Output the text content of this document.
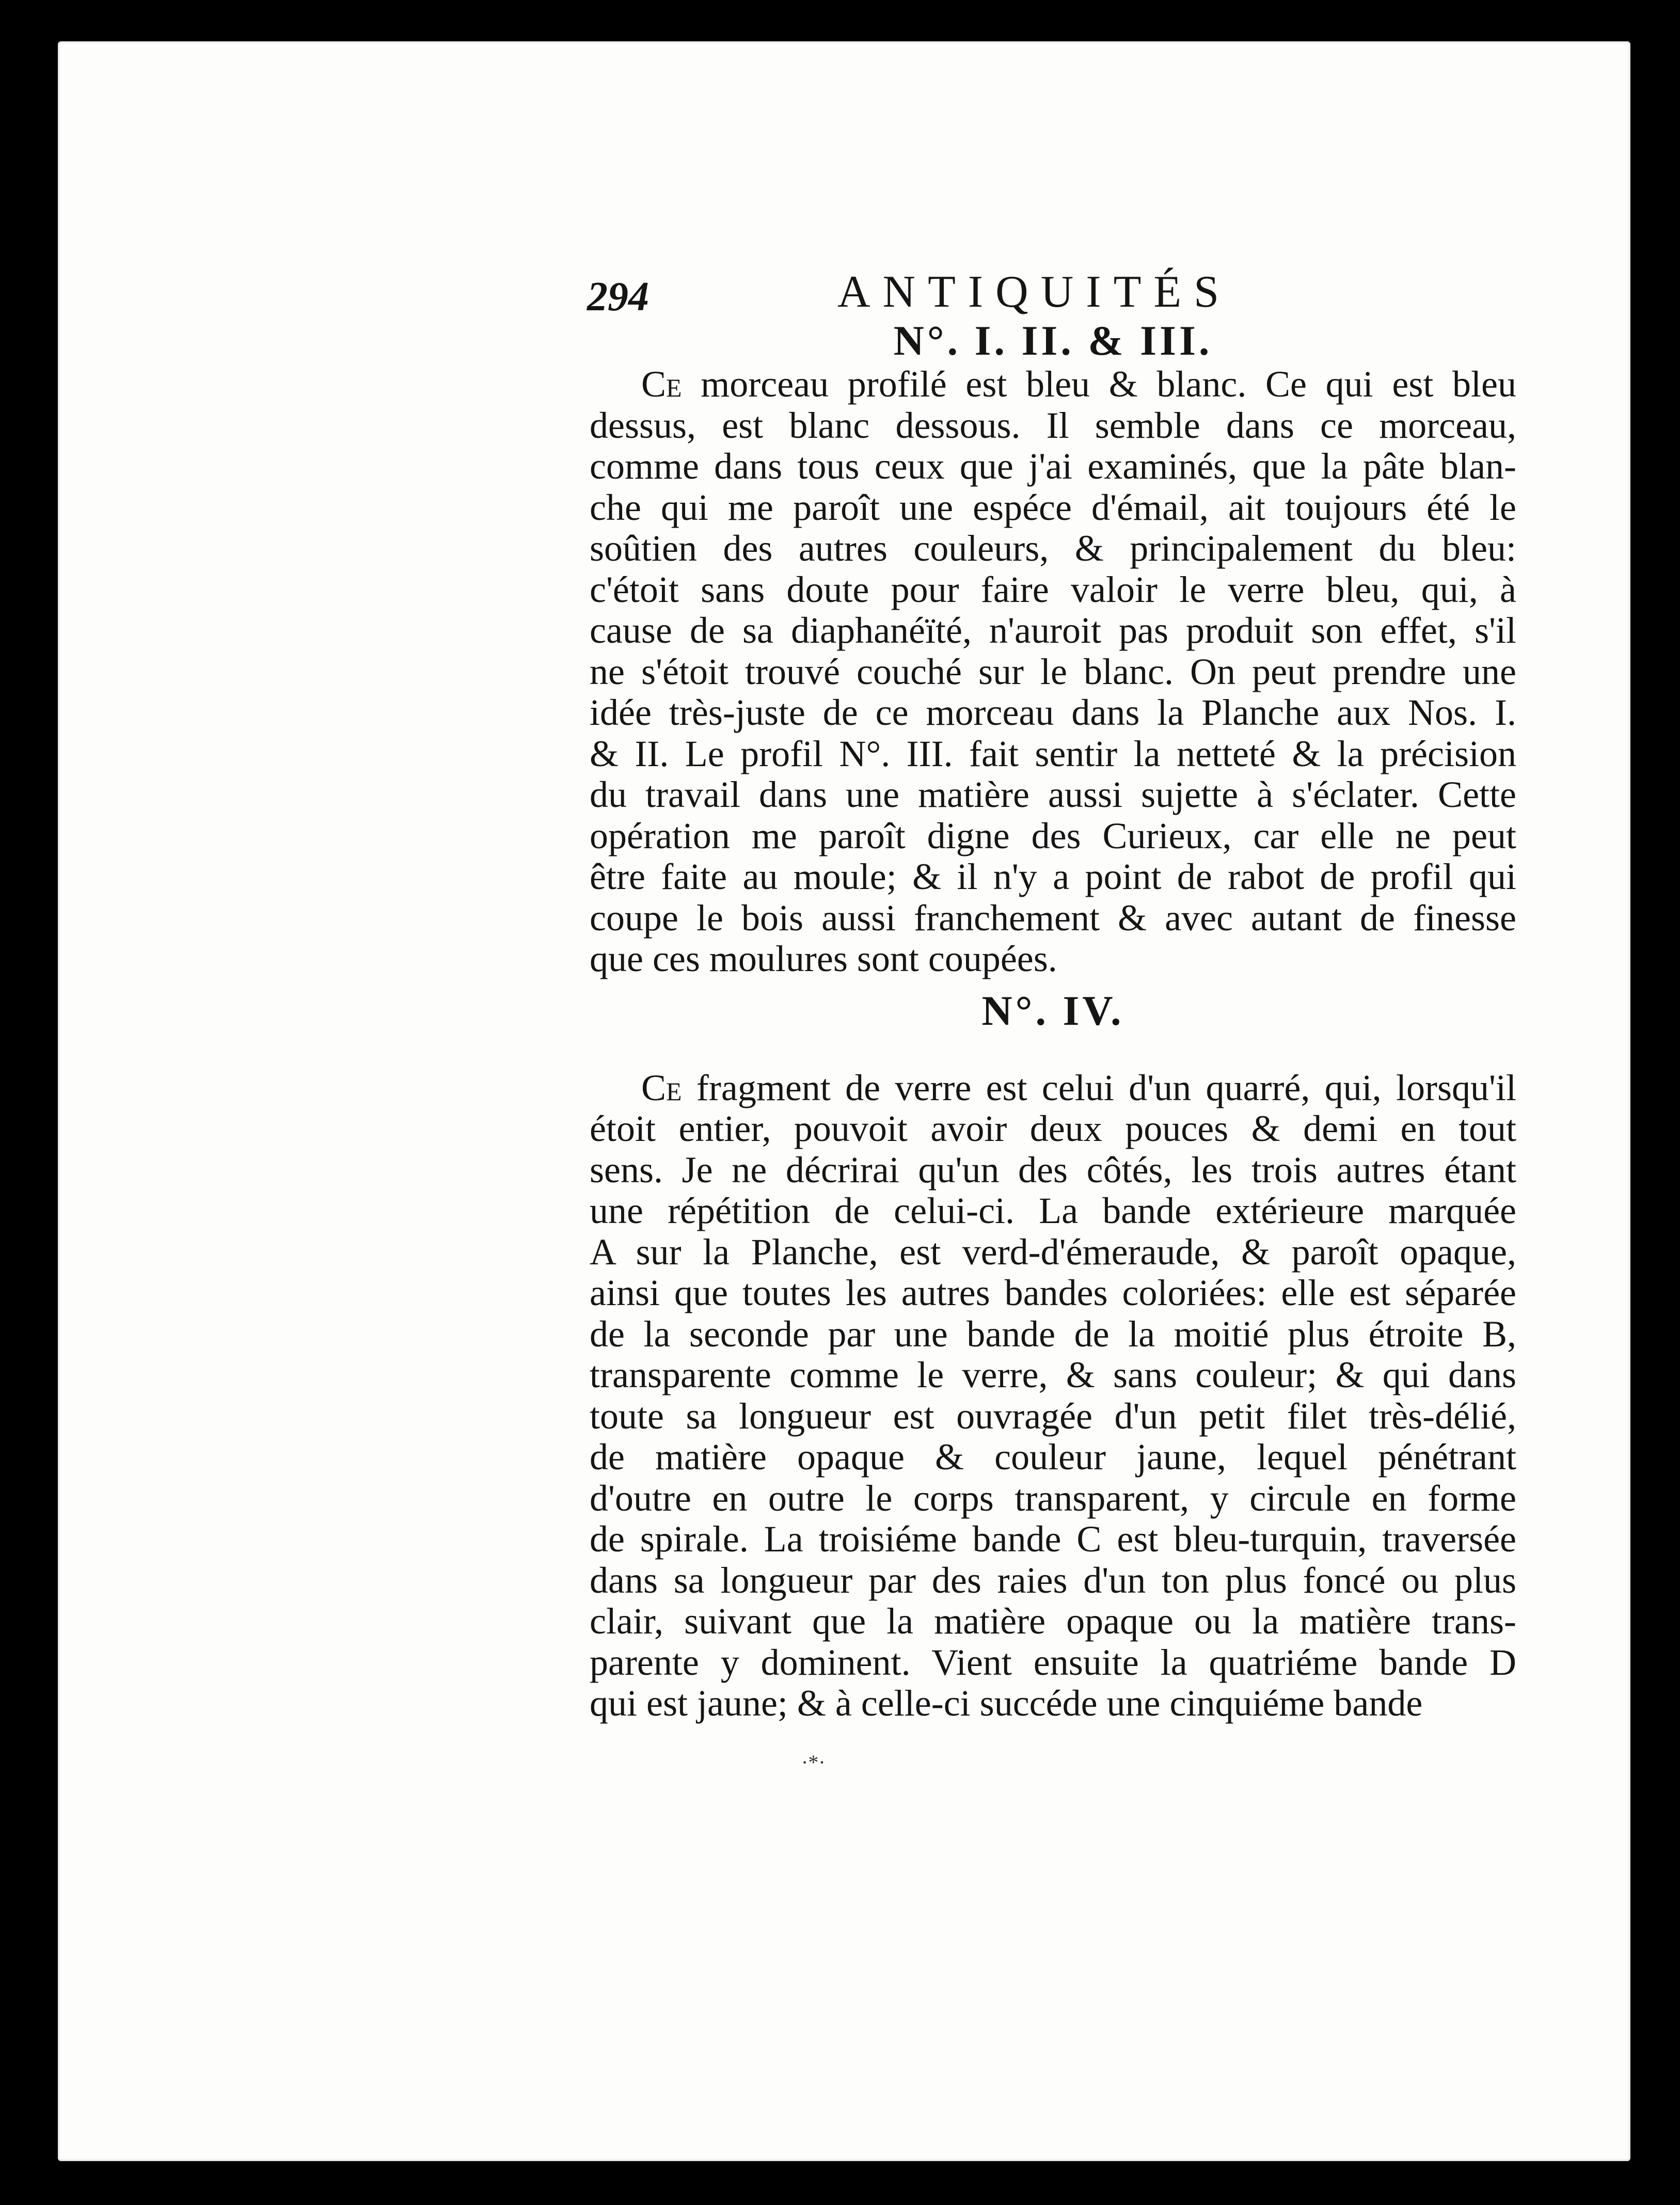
294	ANTIQUITÉS
N°. I. II. & III.
Ce morceau profilé est bleu & blanc. Ce qui est bleu
dessus, est blanc dessous. Il semble dans ce morceau,
comme dans tous ceux que j'ai examinés, que la pâte blan-
che qui me paroît une espéce d'émail, ait toujours été le
soûtien des autres couleurs, & principalement du bleu:
c'étoit sans doute pour faire valoir le verre bleu, qui, à
cause de sa diaphanéïté, n'auroit pas produit son effet, s'il
ne s'étoit trouvé couché sur le blanc. On peut prendre une
idée très-juste de ce morceau dans la Planche aux Nos. I.
& II. Le profil N°. III. fait sentir la netteté & la précision
du travail dans une matière aussi sujette à s'éclater. Cette
opération me paroît digne des Curieux, car elle ne peut
être faite au moule; & il n'y a point de rabot de profil qui
coupe le bois aussi franchement & avec autant de finesse
que ces moulures sont coupées.
N°. IV.
Ce fragment de verre est celui d'un quarré, qui, lorsqu'il
étoit entier, pouvoit avoir deux pouces & demi en tout
sens. Je ne décrirai qu'un des côtés, les trois autres étant
une répétition de celui-ci. La bande extérieure marquée
A sur la Planche, est verd-d'émeraude, & paroît opaque,
ainsi que toutes les autres bandes coloriées: elle est séparée
de la seconde par une bande de la moitié plus étroite B,
transparente comme le verre, & sans couleur; & qui dans
toute sa longueur est ouvragée d'un petit filet très-délié,
de matière opaque & couleur jaune, lequel pénétrant
d'outre en outre le corps transparent, y circule en forme
de spirale. La troisiéme bande C est bleu-turquin, traversée
dans sa longueur par des raies d'un ton plus foncé ou plus
clair, suivant que la matière opaque ou la matière trans-
parente y dominent. Vient ensuite la quatriéme bande D
qui est jaune; & à celle-ci succéde une cinquiéme bande
·*·
